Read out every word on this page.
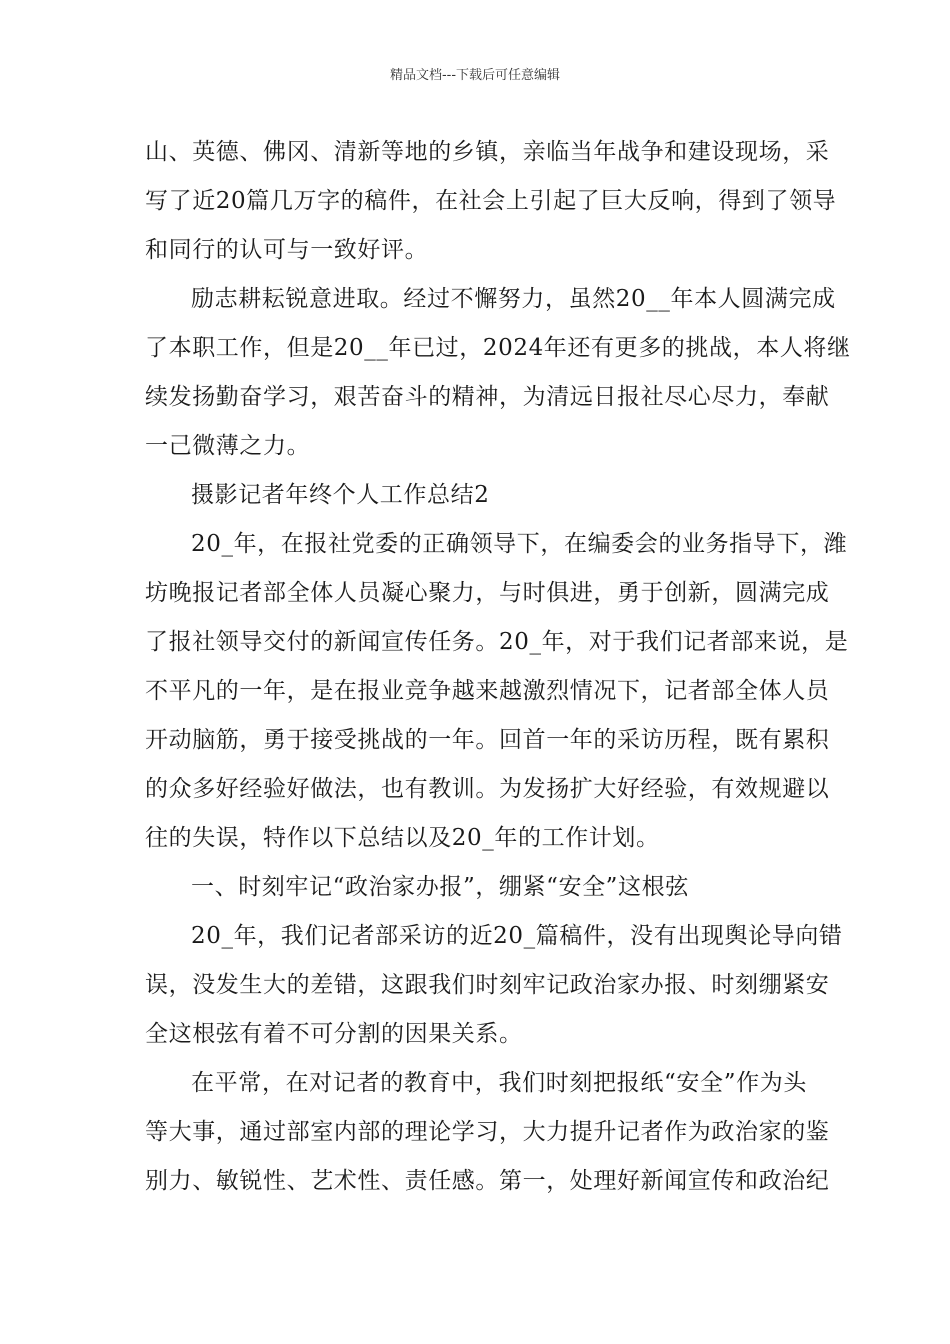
精品文档---下载后可任意编辑
山、英德、佛冈、清新等地的乡镇，亲临当年战争和建设现场，采
写了近20篇几万字的稿件，在社会上引起了巨大反响，得到了领导
和同行的认可与一致好评。
励志耕耘锐意进取。经过不懈努力，虽然20__年本人圆满完成
了本职工作，但是20__年已过，2024年还有更多的挑战，本人将继
续发扬勤奋学习，艰苦奋斗的精神，为清远日报社尽心尽力，奉献
一己微薄之力。
摄影记者年终个人工作总结2
20_年，在报社党委的正确领导下，在编委会的业务指导下，潍
坊晚报记者部全体人员凝心聚力，与时俱进，勇于创新，圆满完成
了报社领导交付的新闻宣传任务。20_年，对于我们记者部来说，是
不平凡的一年，是在报业竞争越来越激烈情况下，记者部全体人员
开动脑筋，勇于接受挑战的一年。回首一年的采访历程，既有累积
的众多好经验好做法，也有教训。为发扬扩大好经验，有效规避以
往的失误，特作以下总结以及20_年的工作计划。
一、时刻牢记“政治家办报”，绷紧“安全”这根弦
20_年，我们记者部采访的近20_篇稿件，没有出现舆论导向错
误，没发生大的差错，这跟我们时刻牢记政治家办报、时刻绷紧安
全这根弦有着不可分割的因果关系。
在平常，在对记者的教育中，我们时刻把报纸“安全”作为头
等大事，通过部室内部的理论学习，大力提升记者作为政治家的鉴
别力、敏锐性、艺术性、责任感。第一，处理好新闻宣传和政治纪
